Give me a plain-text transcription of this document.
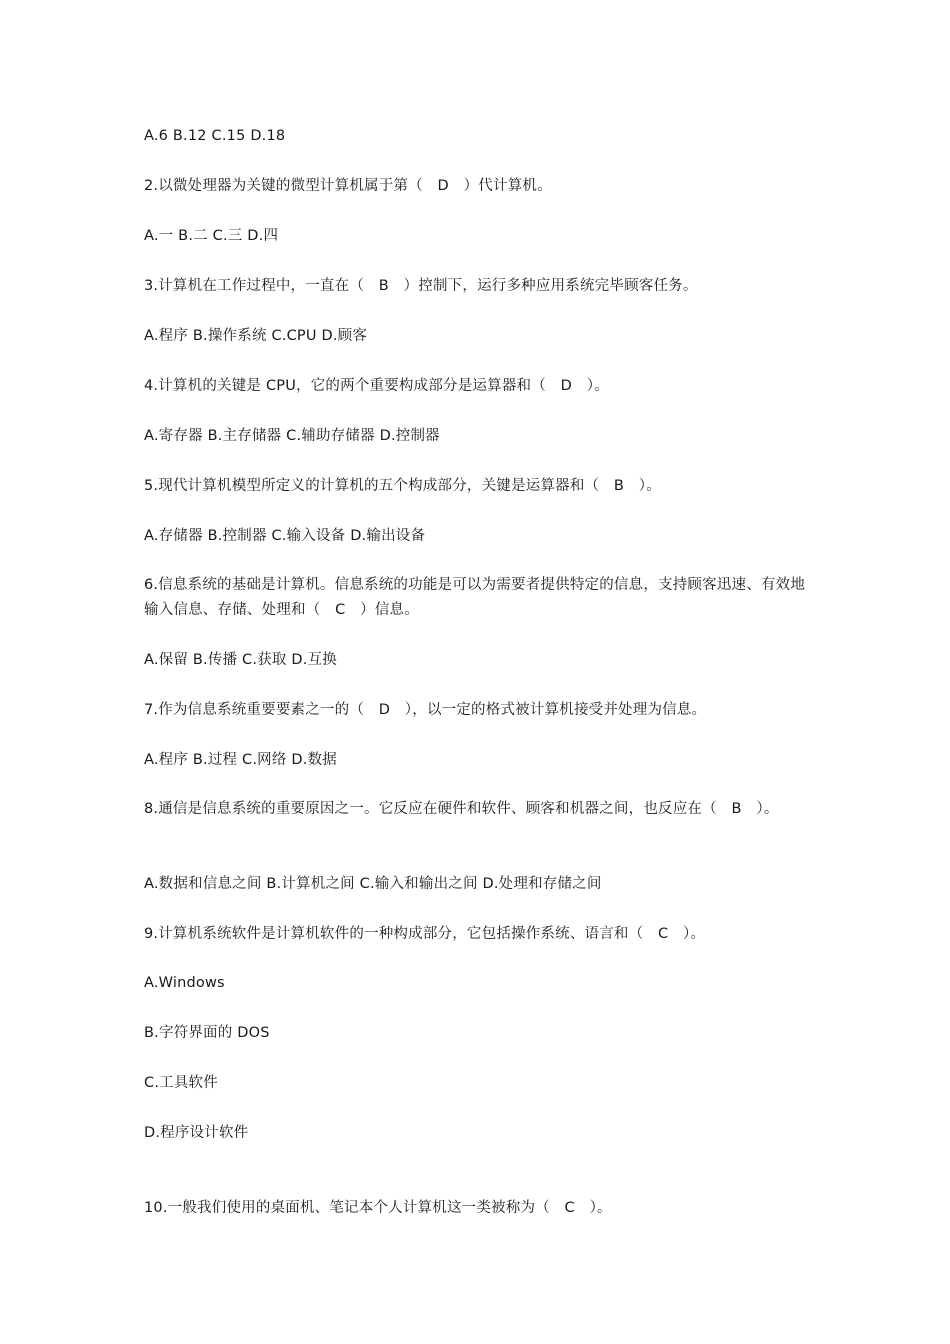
A.6 B.12 C.15 D.18
2.以微处理器为关键的微型计算机属于第（　D　）代计算机。
A.一 B.二 C.三 D.四
3.计算机在工作过程中，一直在（　B　）控制下，运行多种应用系统完毕顾客任务。
A.程序 B.操作系统 C.CPU D.顾客
4.计算机的关键是 CPU，它的两个重要构成部分是运算器和（　D　）。
A.寄存器 B.主存储器 C.辅助存储器 D.控制器
5.现代计算机模型所定义的计算机的五个构成部分，关键是运算器和（　B　）。
A.存储器 B.控制器 C.输入设备 D.输出设备
6.信息系统的基础是计算机。信息系统的功能是可以为需要者提供特定的信息，支持顾客迅速、有效地输入信息、存储、处理和（　C　）信息。
A.保留 B.传播 C.获取 D.互换
7.作为信息系统重要要素之一的（　D　），以一定的格式被计算机接受并处理为信息。
A.程序 B.过程 C.网络 D.数据
8.通信是信息系统的重要原因之一。它反应在硬件和软件、顾客和机器之间，也反应在（　B　）。
A.数据和信息之间 B.计算机之间 C.输入和输出之间 D.处理和存储之间
9.计算机系统软件是计算机软件的一种构成部分，它包括操作系统、语言和（　C　）。
A.Windows
B.字符界面的 DOS
C.工具软件
D.程序设计软件
10.一般我们使用的桌面机、笔记本个人计算机这一类被称为（　C　）。
